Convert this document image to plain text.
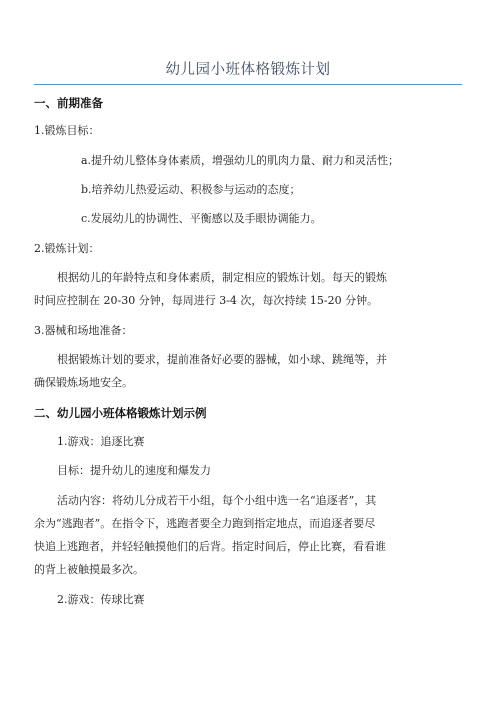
幼儿园小班体格锻炼计划
一、前期准备
1.锻炼目标：
a.提升幼儿整体身体素质，增强幼儿的肌肉力量、耐力和灵活性；
b.培养幼儿热爱运动、积极参与运动的态度；
c.发展幼儿的协调性、平衡感以及手眼协调能力。
2.锻炼计划：
根据幼儿的年龄特点和身体素质，制定相应的锻炼计划。每天的锻炼
时间应控制在 20-30 分钟，每周进行 3-4 次，每次持续 15-20 分钟。
3.器械和场地准备：
根据锻炼计划的要求，提前准备好必要的器械，如小球、跳绳等，并
确保锻炼场地安全。
二、幼儿园小班体格锻炼计划示例
1.游戏：追逐比赛
目标：提升幼儿的速度和爆发力
活动内容：将幼儿分成若干小组，每个小组中选一名“追逐者”，其
余为“逃跑者”。在指令下，逃跑者要全力跑到指定地点，而追逐者要尽
快追上逃跑者，并轻轻触摸他们的后背。指定时间后，停止比赛，看看谁
的背上被触摸最多次。
2.游戏：传球比赛
